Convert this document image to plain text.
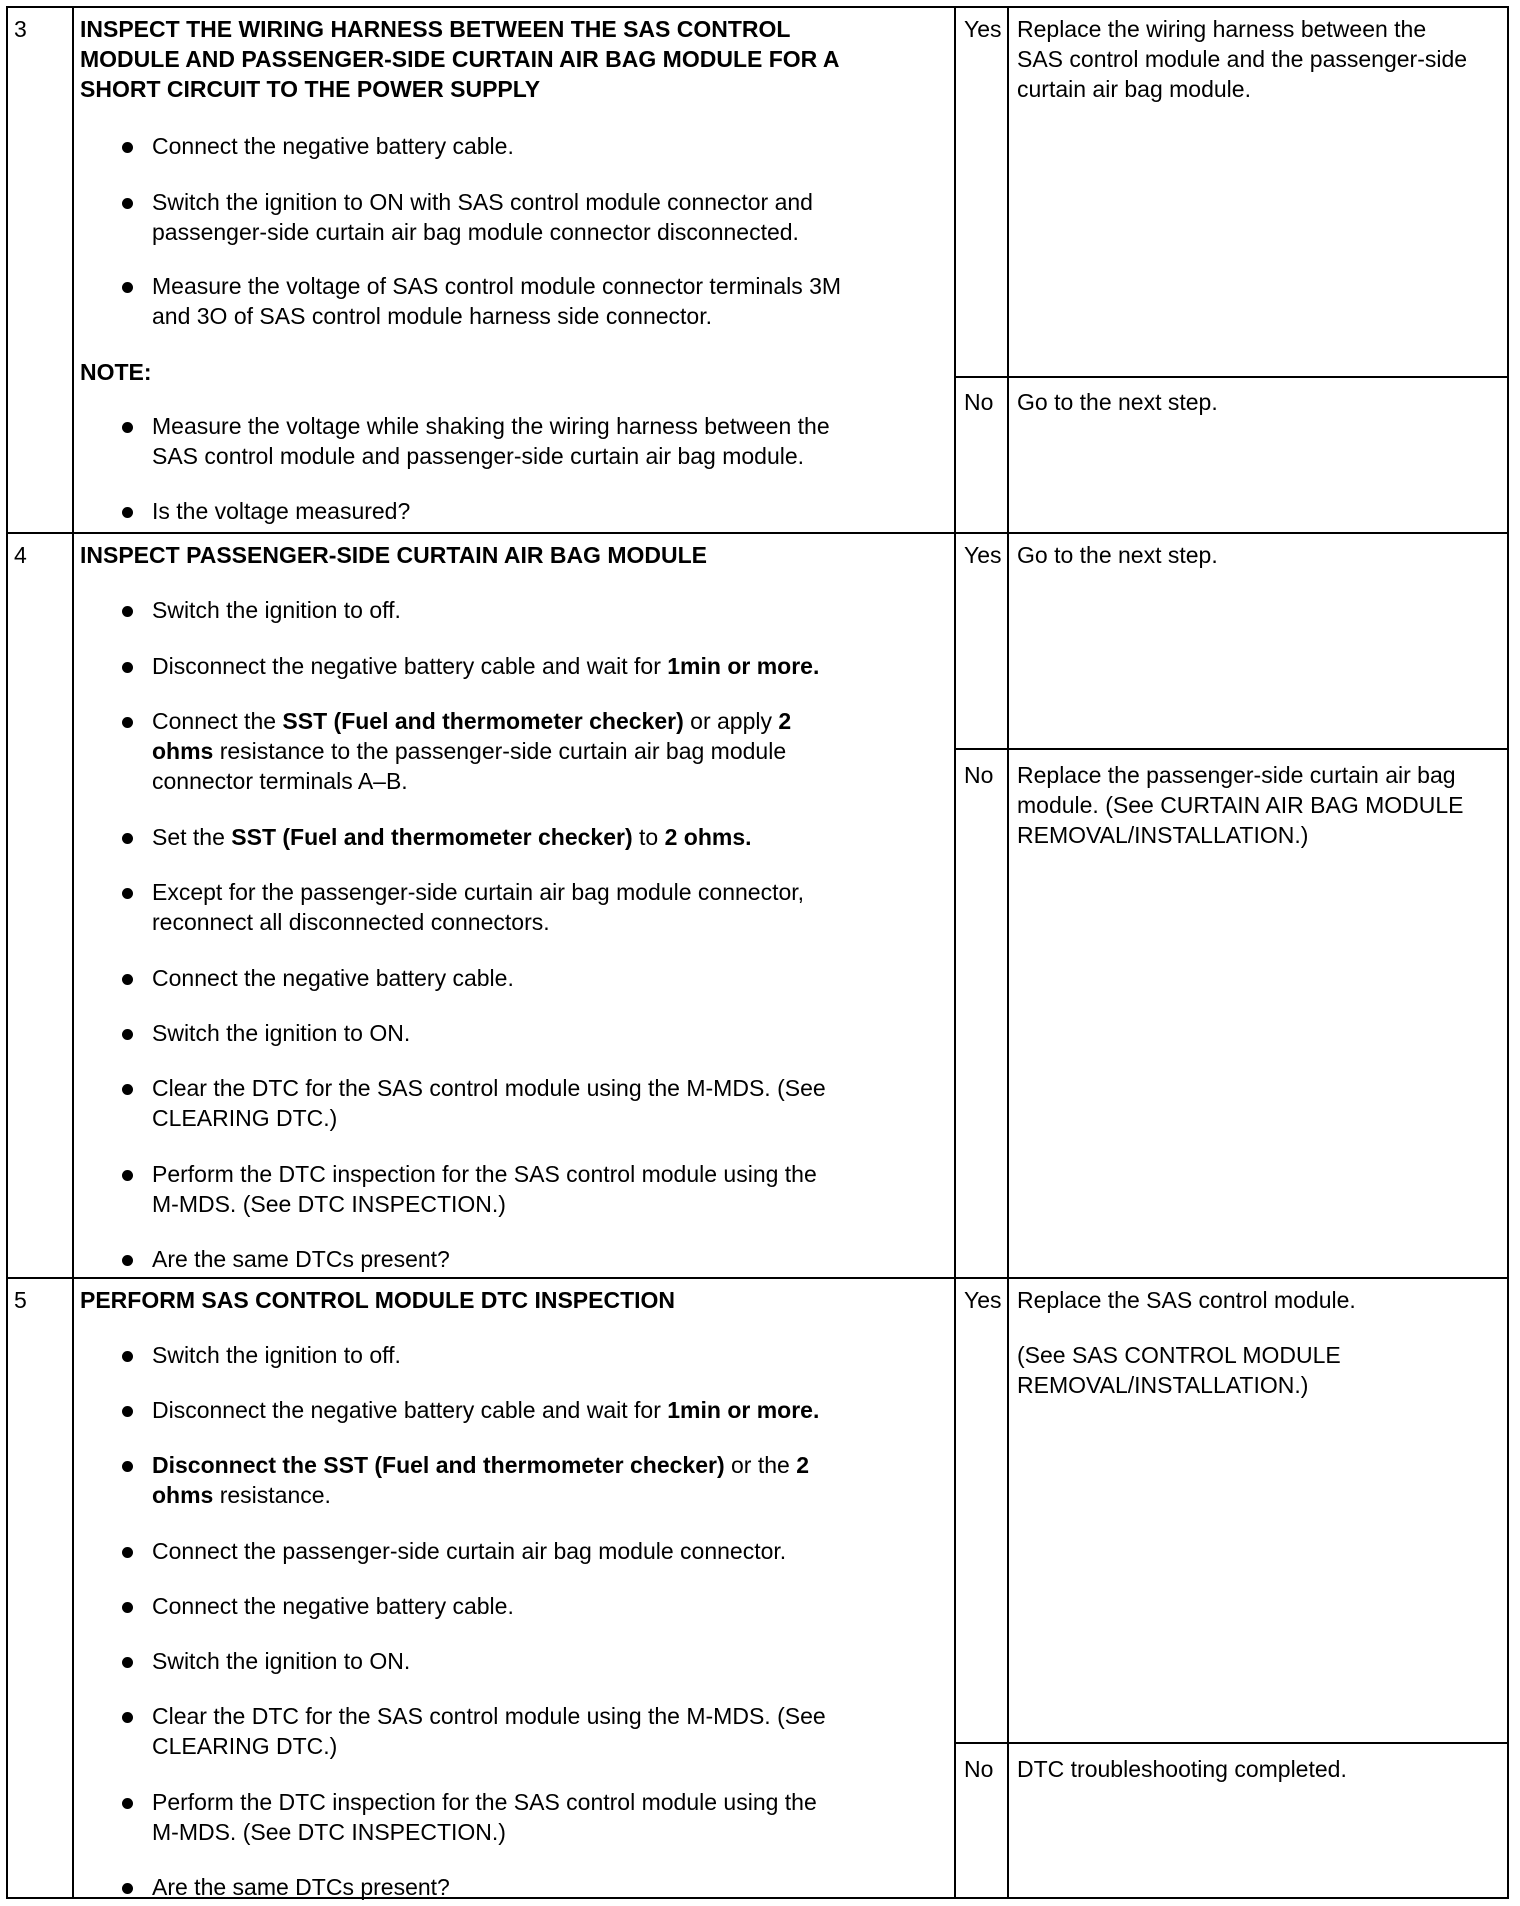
3 INSPECT THE WIRING HARNESS BETWEEN THE SAS CONTROL
MODULE AND PASSENGER-SIDE CURTAIN AIR BAG MODULE FOR A
SHORT CIRCUIT TO THE POWER SUPPLY
Connect the negative battery cable.
Switch the ignition to ON with SAS control module connector and
passenger-side curtain air bag module connector disconnected.
Measure the voltage of SAS control module connector terminals 3M
and 3O of SAS control module harness side connector.
NOTE:
Measure the voltage while shaking the wiring harness between the
SAS control module and passenger-side curtain air bag module.
Is the voltage measured?
Yes Replace the wiring harness between the
SAS control module and the passenger-side
curtain air bag module.
No Go to the next step.
4 INSPECT PASSENGER-SIDE CURTAIN AIR BAG MODULE
Switch the ignition to off.
Disconnect the negative battery cable and wait for 1min or more.
Connect the SST (Fuel and thermometer checker) or apply 2
ohms resistance to the passenger-side curtain air bag module
connector terminals A–B.
Set the SST (Fuel and thermometer checker) to 2 ohms.
Except for the passenger-side curtain air bag module connector,
reconnect all disconnected connectors.
Connect the negative battery cable.
Switch the ignition to ON.
Clear the DTC for the SAS control module using the M-MDS. (See
CLEARING DTC.)
Perform the DTC inspection for the SAS control module using the
M-MDS. (See DTC INSPECTION.)
Are the same DTCs present?
Yes Go to the next step.
No Replace the passenger-side curtain air bag
module. (See CURTAIN AIR BAG MODULE
REMOVAL/INSTALLATION.)
5 PERFORM SAS CONTROL MODULE DTC INSPECTION
Switch the ignition to off.
Disconnect the negative battery cable and wait for 1min or more.
Disconnect the SST (Fuel and thermometer checker) or the 2
ohms resistance.
Connect the passenger-side curtain air bag module connector.
Connect the negative battery cable.
Switch the ignition to ON.
Clear the DTC for the SAS control module using the M-MDS. (See
CLEARING DTC.)
Perform the DTC inspection for the SAS control module using the
M-MDS. (See DTC INSPECTION.)
Are the same DTCs present?
Yes Replace the SAS control module.
(See SAS CONTROL MODULE
REMOVAL/INSTALLATION.)
No DTC troubleshooting completed.
